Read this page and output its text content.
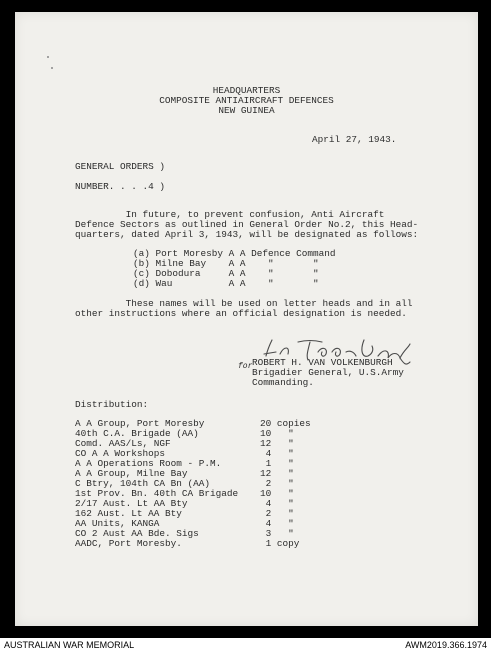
HEADQUARTERS
COMPOSITE ANTIAIRCRAFT DEFENCES
NEW GUINEA
April 27, 1943.
GENERAL ORDERS )
NUMBER. . . .4 )
In future, to prevent confusion, Anti Aircraft
Defence Sectors as outlined in General Order No.2, this Head-
quarters, dated April 3, 1943, will be designated as follows:
(a) Port Moresby A A Defence Command
(b) Milne Bay    A A    "       "
(c) Dobodura     A A    "       "
(d) Wau          A A    "       "
These names will be used on letter heads and in all
other instructions where an official designation is needed.
for ROBERT H. VAN VOLKENBURGH
Brigadier General, U.S.Army
Commanding.
Distribution:
A A Group, Port Moresby	20 copies
40th C.A. Brigade (AA)	10   "
Comd. AAS/Ls, NGF	12   "
CO A A Workshops	4   "
A A Operations Room - P.M.	1   "
A A Group, Milne Bay	12   "
C Btry, 104th CA Bn (AA)	2   "
1st Prov. Bn. 40th CA Brigade 10   "
2/17 Aust. Lt AA Bty	4   "
162 Aust. Lt AA Bty	2   "
AA Units, KANGA	4   "
CO 2 Aust AA Bde. Sigs	3   "
AADC, Port Moresby.	1 copy
AUSTRALIAN WAR MEMORIAL	AWM2019.366.1974
